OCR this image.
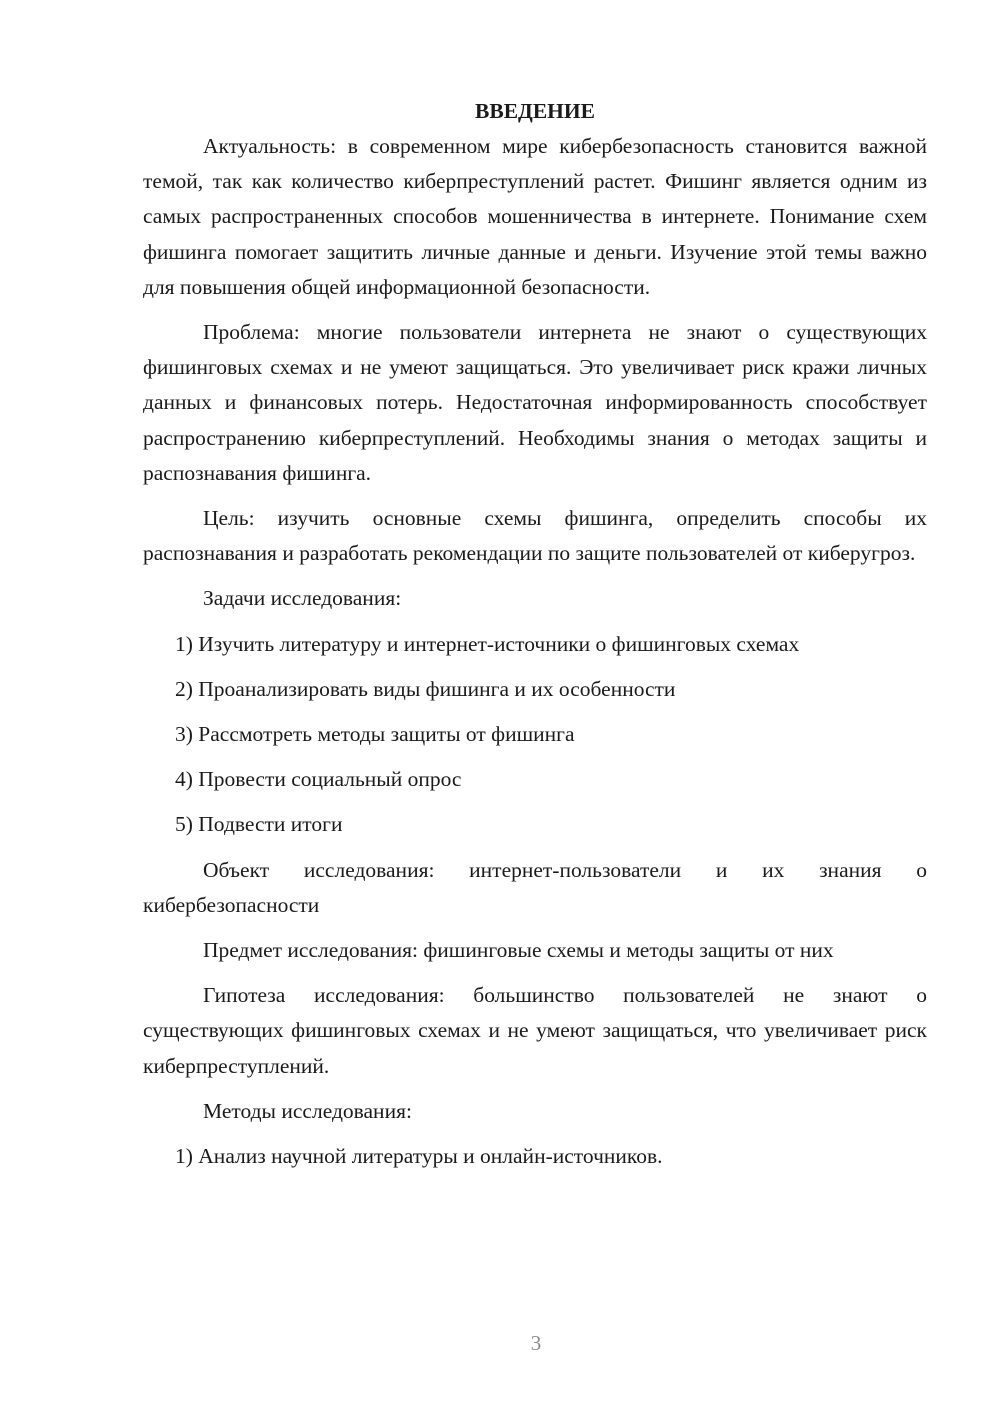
ВВЕДЕНИЕ
Актуальность: в современном мире кибербезопасность становится важной темой, так как количество киберпреступлений растет. Фишинг является одним из самых распространенных способов мошенничества в интернете. Понимание схем фишинга помогает защитить личные данные и деньги. Изучение этой темы важно для повышения общей информационной безопасности.
Проблема: многие пользователи интернета не знают о существующих фишинговых схемах и не умеют защищаться. Это увеличивает риск кражи личных данных и финансовых потерь. Недостаточная информированность способствует распространению киберпреступлений. Необходимы знания о методах защиты и распознавания фишинга.
Цель: изучить основные схемы фишинга, определить способы их распознавания и разработать рекомендации по защите пользователей от киберугроз.
Задачи исследования:
1) Изучить литературу и интернет-источники о фишинговых схемах
2) Проанализировать виды фишинга и их особенности
3) Рассмотреть методы защиты от фишинга
4) Провести социальный опрос
5) Подвести итоги
Объект исследования: интернет-пользователи и их знания о кибербезопасности
Предмет исследования: фишинговые схемы и методы защиты от них
Гипотеза исследования: большинство пользователей не знают о существующих фишинговых схемах и не умеют защищаться, что увеличивает риск киберпреступлений.
Методы исследования:
1) Анализ научной литературы и онлайн-источников.
3
